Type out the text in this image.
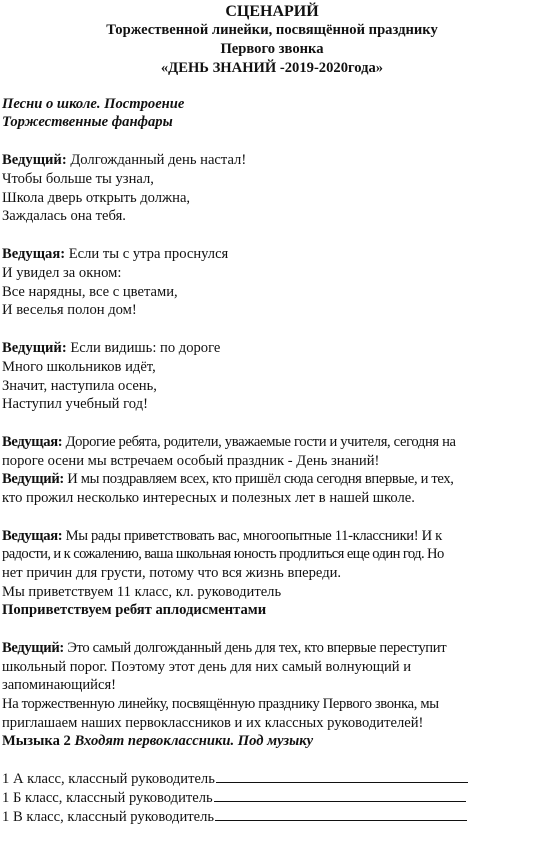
СЦЕНАРИЙ
Торжественной линейки, посвящённой празднику
Первого звонка
«ДЕНЬ ЗНАНИЙ -2019-2020года»
Песни о школе. Построение
Торжественные фанфары
Ведущий: Долгожданный день настал!
Чтобы больше ты узнал,
Школа дверь открыть должна,
Заждалась она тебя.
Ведущая: Если ты с утра проснулся
И увидел за окном:
Все нарядны, все с цветами,
И веселья полон дом!
Ведущий: Если видишь: по дороге
Много школьников идёт,
Значит, наступила осень,
Наступил учебный год!
Ведущая: Дорогие ребята, родители, уважаемые гости и учителя, сегодня на
пороге осени мы встречаем особый праздник - День знаний!
Ведущий: И мы поздравляем всех, кто пришёл сюда сегодня впервые, и тех,
кто прожил несколько интересных и полезных лет в нашей школе.
Ведущая: Мы рады приветствовать вас, многоопытные 11-классники! И к
радости, и к сожалению, ваша школьная юность продлиться еще один год. Но
нет причин для грусти, потому что вся жизнь впереди.
Мы приветствуем 11 класс, кл. руководитель
Поприветствуем ребят аплодисментами
Ведущий: Это самый долгожданный день для тех, кто впервые переступит
школьный порог. Поэтому этот день для них самый волнующий и
запоминающийся!
На торжественную линейку, посвящённую празднику Первого звонка, мы
приглашаем наших первоклассников и их классных руководителей!
Мызыка 2 Входят первоклассники. Под музыку
1 А класс, классный руководитель
1 Б класс, классный руководитель
1 В класс, классный руководитель
